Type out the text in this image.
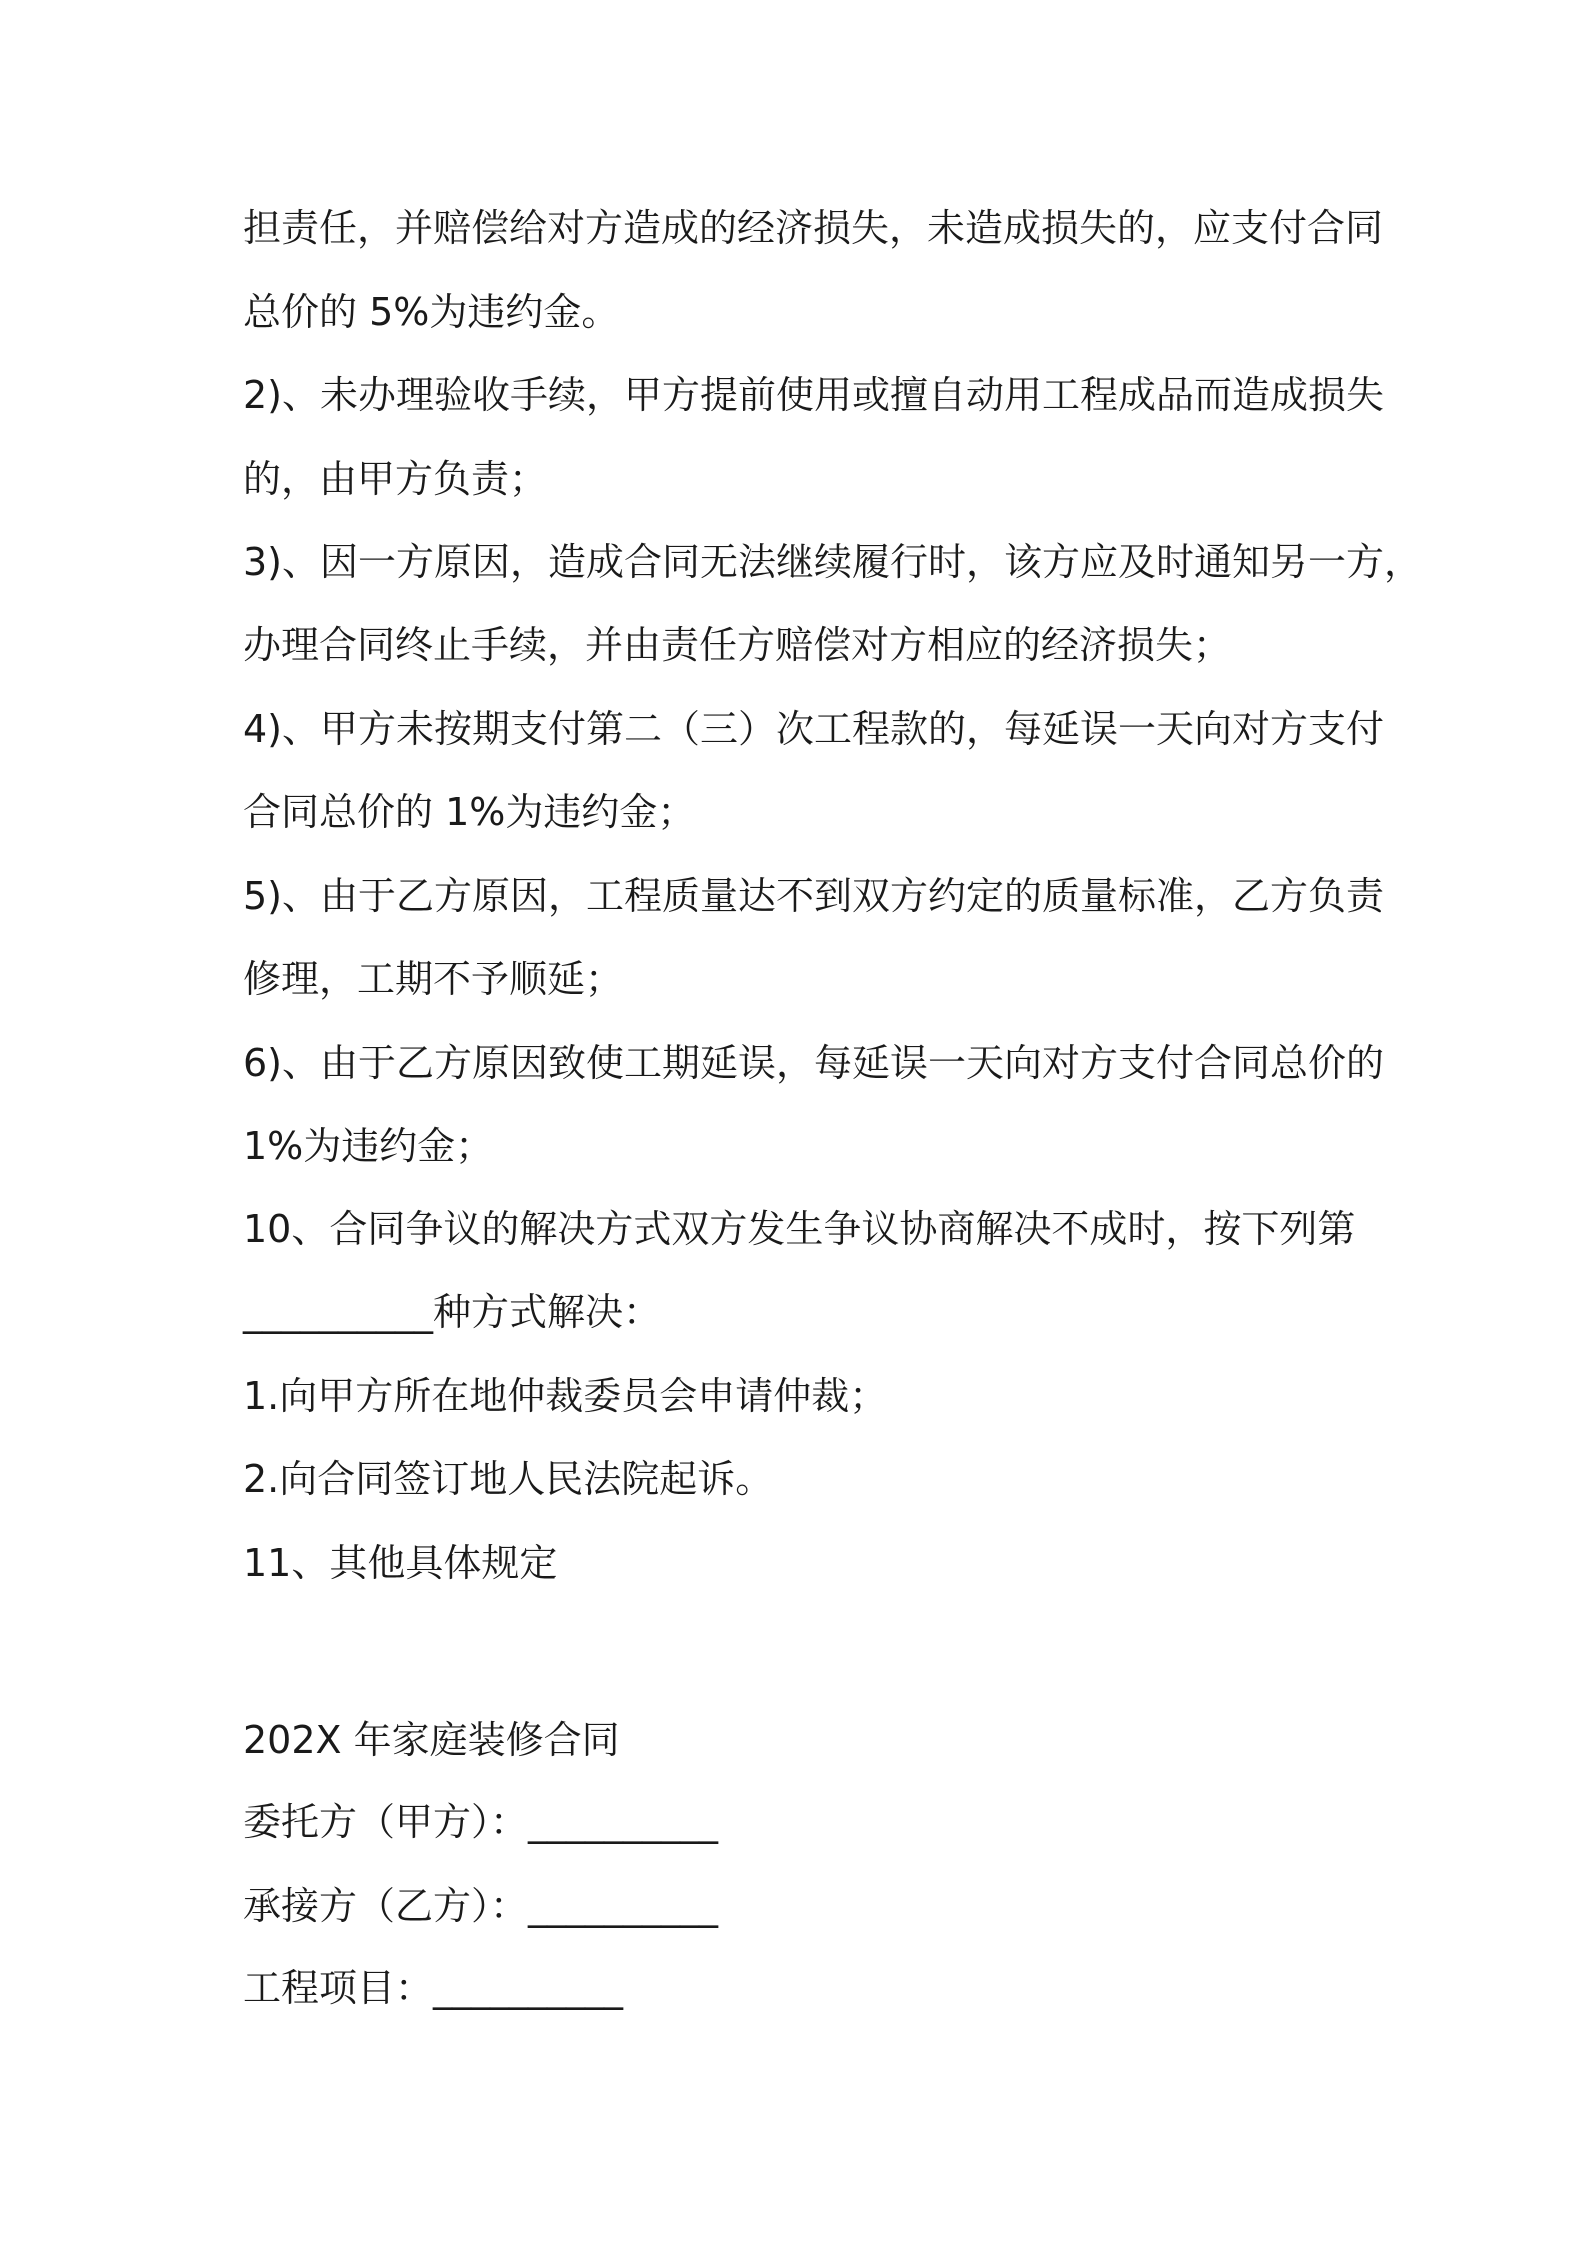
担责任，并赔偿给对方造成的经济损失，未造成损失的，应支付合同
总价的 5%为违约金。
2)、未办理验收手续，甲方提前使用或擅自动用工程成品而造成损失
的，由甲方负责；
3)、因一方原因，造成合同无法继续履行时，该方应及时通知另一方，
办理合同终止手续，并由责任方赔偿对方相应的经济损失；
4)、甲方未按期支付第二（三）次工程款的，每延误一天向对方支付
合同总价的 1%为违约金；
5)、由于乙方原因，工程质量达不到双方约定的质量标准，乙方负责
修理，工期不予顺延；
6)、由于乙方原因致使工期延误，每延误一天向对方支付合同总价的
1%为违约金；
10、合同争议的解决方式双方发生争议协商解决不成时，按下列第
__________种方式解决：
1.向甲方所在地仲裁委员会申请仲裁；
2.向合同签订地人民法院起诉。
11、其他具体规定
202X 年家庭装修合同
委托方（甲方）：__________
承接方（乙方）：__________
工程项目：__________
